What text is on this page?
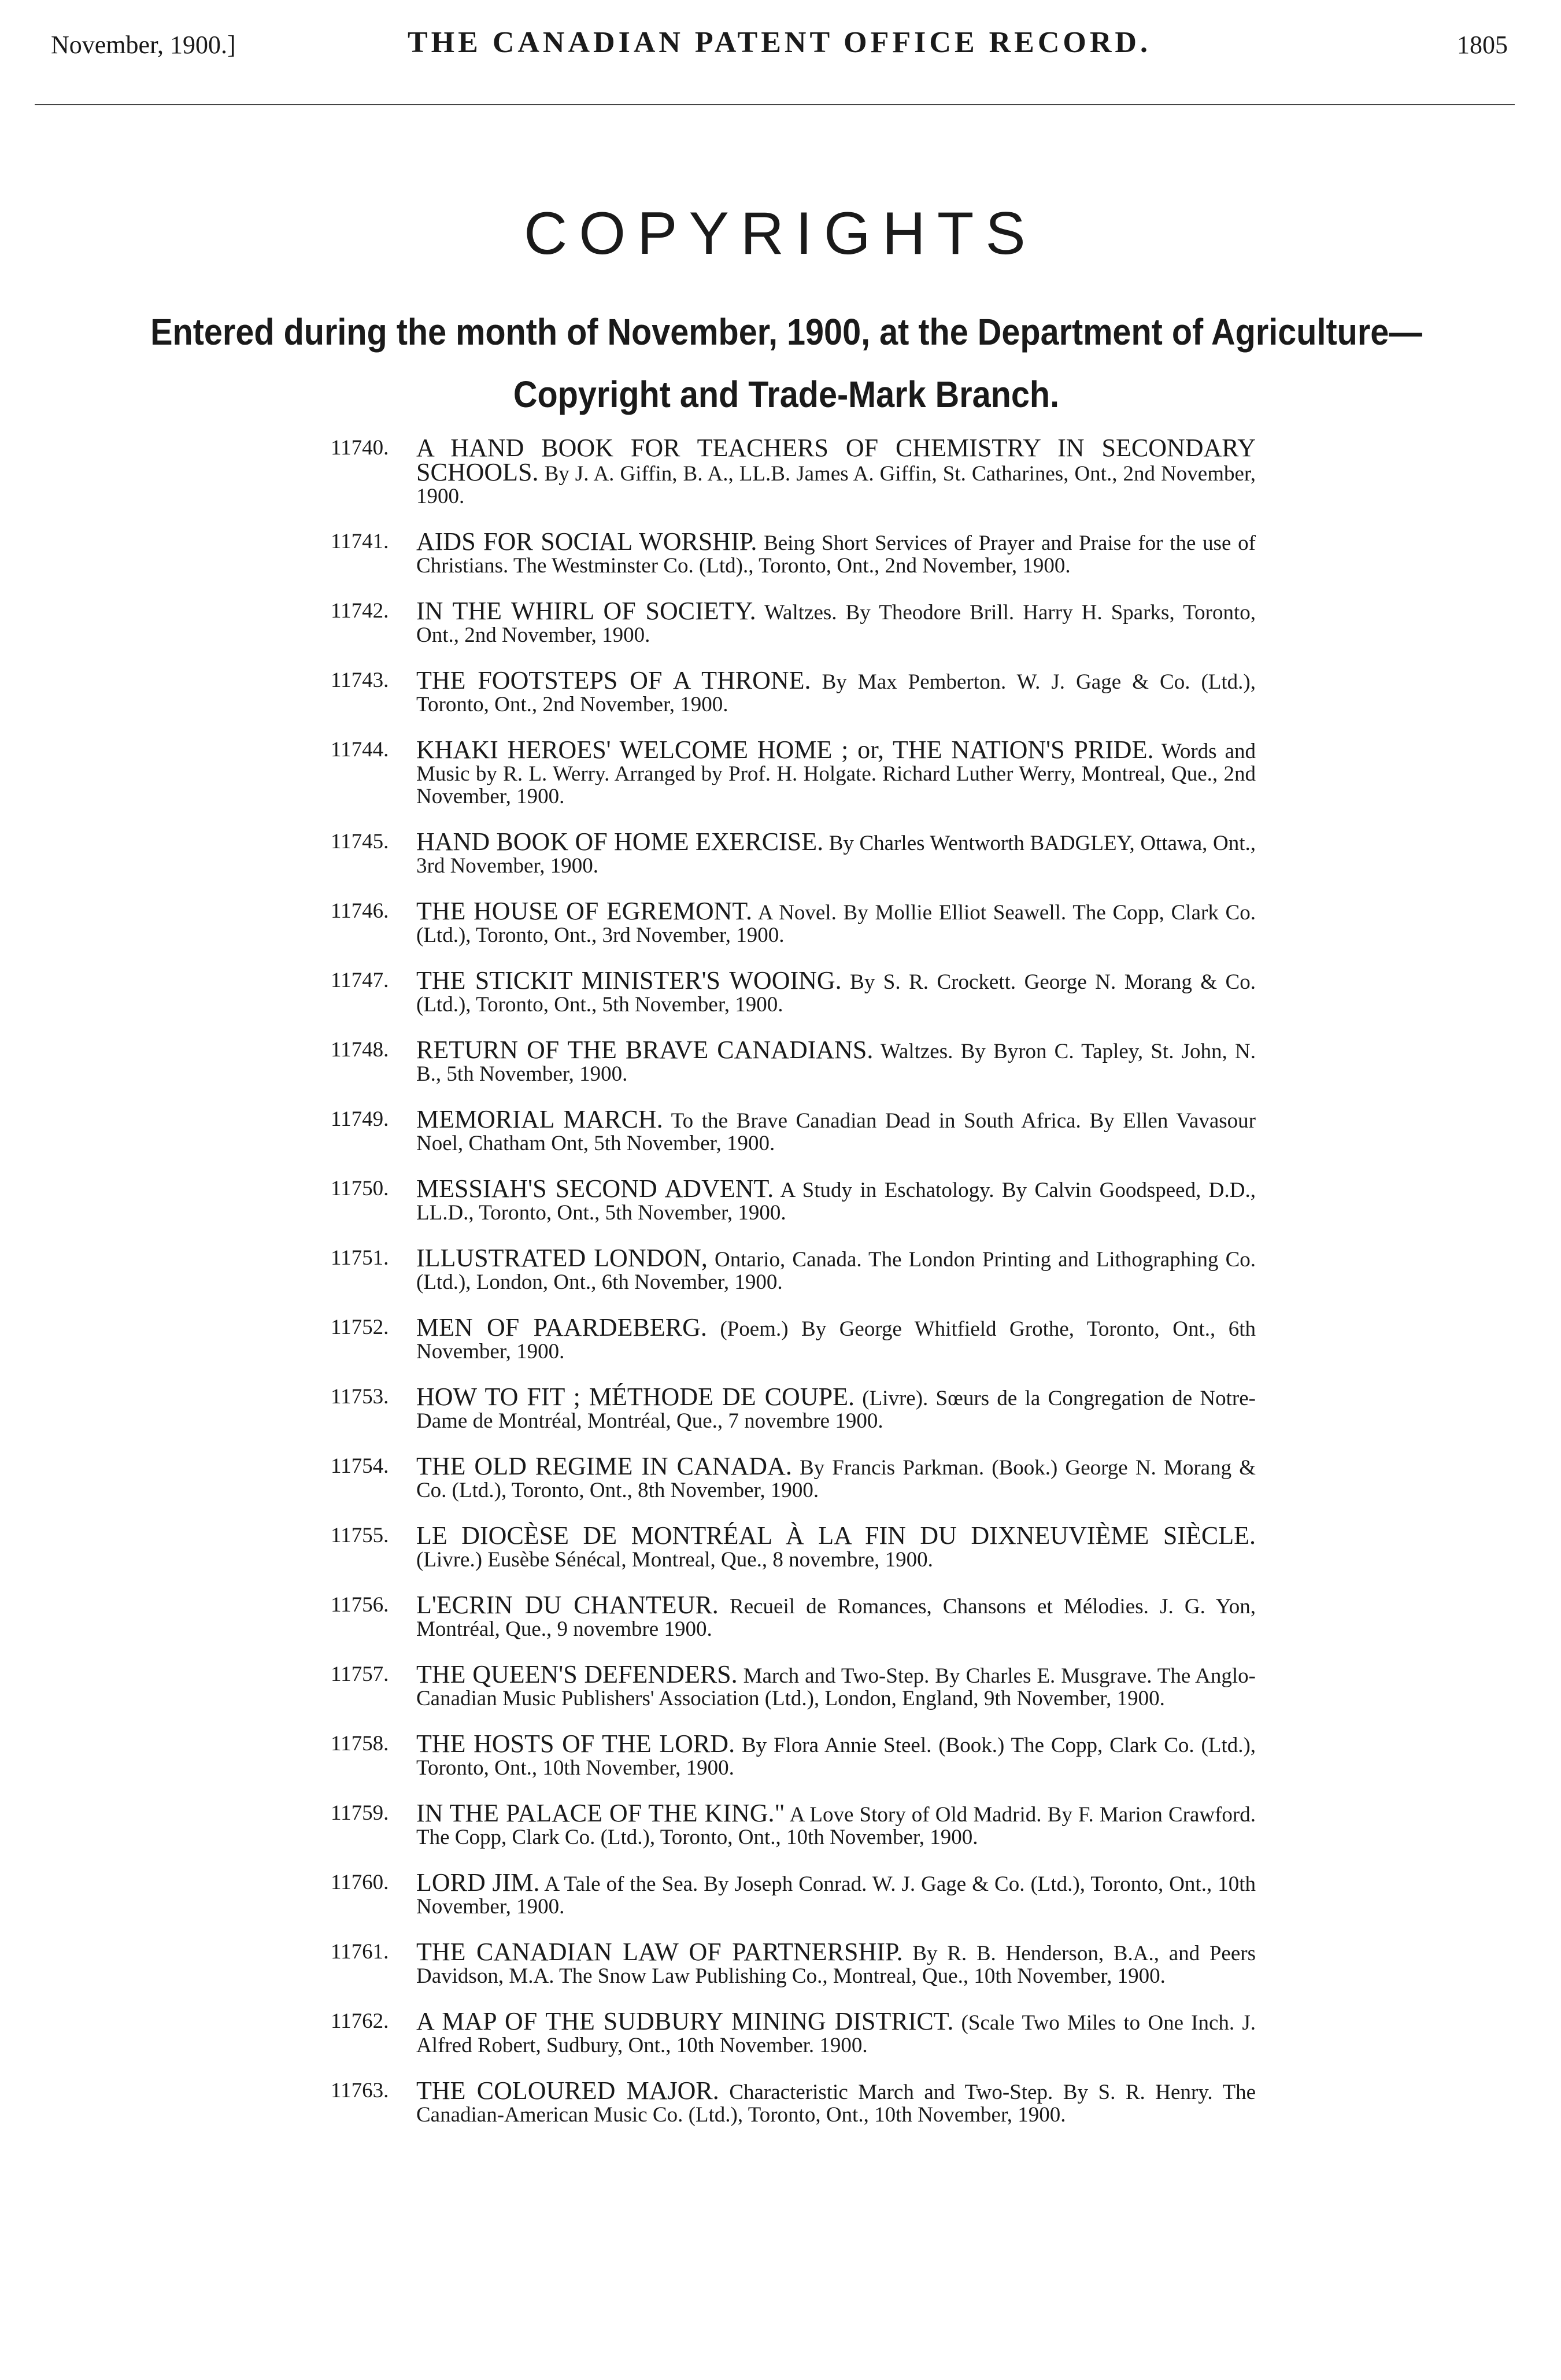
November, 1900.]	THE CANADIAN PATENT OFFICE RECORD.	1805
COPYRIGHTS
Entered during the month of November, 1900, at the Department of Agriculture—Copyright and Trade-Mark Branch.
11740. A HAND BOOK FOR TEACHERS OF CHEMISTRY IN SECONDARY SCHOOLS. By J. A. Giffin, B. A., LL.B. James A. Giffin, St. Catharines, Ont., 2nd November, 1900.
11741. AIDS FOR SOCIAL WORSHIP. Being Short Services of Prayer and Praise for the use of Christians. The Westminster Co. (Ltd)., Toronto, Ont., 2nd November, 1900.
11742. IN THE WHIRL OF SOCIETY. Waltzes. By Theodore Brill. Harry H. Sparks, Toronto, Ont., 2nd November, 1900.
11743. THE FOOTSTEPS OF A THRONE. By Max Pemberton. W. J. Gage & Co. (Ltd.), Toronto, Ont., 2nd November, 1900.
11744. KHAKI HEROES' WELCOME HOME ; or, THE NATION'S PRIDE. Words and Music by R. L. Werry. Arranged by Prof. H. Holgate. Richard Luther Werry, Montreal, Que., 2nd November, 1900.
11745. HAND BOOK OF HOME EXERCISE. By Charles Wentworth BADGLEY, Ottawa, Ont., 3rd November, 1900.
11746. THE HOUSE OF EGREMONT. A Novel. By Mollie Elliot Seawell. The Copp, Clark Co. (Ltd.), Toronto, Ont., 3rd November, 1900.
11747. THE STICKIT MINISTER'S WOOING. By S. R. Crockett. George N. Morang & Co. (Ltd.), Toronto, Ont., 5th November, 1900.
11748. RETURN OF THE BRAVE CANADIANS. Waltzes. By Byron C. Tapley, St. John, N. B., 5th November, 1900.
11749. MEMORIAL MARCH. To the Brave Canadian Dead in South Africa. By Ellen Vavasour Noel, Chatham Ont, 5th November, 1900.
11750. MESSIAH'S SECOND ADVENT. A Study in Eschatology. By Calvin Goodspeed, D.D., LL.D., Toronto, Ont., 5th November, 1900.
11751. ILLUSTRATED LONDON, Ontario, Canada. The London Printing and Lithographing Co. (Ltd.), London, Ont., 6th November, 1900.
11752. MEN OF PAARDEBERG. (Poem.) By George Whitfield Grothe, Toronto, Ont., 6th November, 1900.
11753. HOW TO FIT ; MÉTHODE DE COUPE. (Livre). Sœurs de la Congregation de Notre-Dame de Montréal, Montréal, Que., 7 novembre 1900.
11754. THE OLD REGIME IN CANADA. By Francis Parkman. (Book.) George N. Morang & Co. (Ltd.), Toronto, Ont., 8th November, 1900.
11755. LE DIOCÈSE DE MONTRÉAL À LA FIN DU DIXNEUVIÈME SIÈCLE. (Livre.) Eusèbe Sénécal, Montreal, Que., 8 novembre, 1900.
11756. L'ECRIN DU CHANTEUR. Recueil de Romances, Chansons et Mélodies. J. G. Yon, Montréal, Que., 9 novembre 1900.
11757. THE QUEEN'S DEFENDERS. March and Two-Step. By Charles E. Musgrave. The Anglo-Canadian Music Publishers' Association (Ltd.), London, England, 9th November, 1900.
11758. THE HOSTS OF THE LORD. By Flora Annie Steel. (Book.) The Copp, Clark Co. (Ltd.), Toronto, Ont., 10th November, 1900.
11759. IN THE PALACE OF THE KING." A Love Story of Old Madrid. By F. Marion Crawford. The Copp, Clark Co. (Ltd.), Toronto, Ont., 10th November, 1900.
11760. LORD JIM. A Tale of the Sea. By Joseph Conrad. W. J. Gage & Co. (Ltd.), Toronto, Ont., 10th November, 1900.
11761. THE CANADIAN LAW OF PARTNERSHIP. By R. B. Henderson, B.A., and Peers Davidson, M.A. The Snow Law Publishing Co., Montreal, Que., 10th November, 1900.
11762. A MAP OF THE SUDBURY MINING DISTRICT. (Scale Two Miles to One Inch. J. Alfred Robert, Sudbury, Ont., 10th November. 1900.
11763. THE COLOURED MAJOR. Characteristic March and Two-Step. By S. R. Henry. The Canadian-American Music Co. (Ltd.), Toronto, Ont., 10th November, 1900.
